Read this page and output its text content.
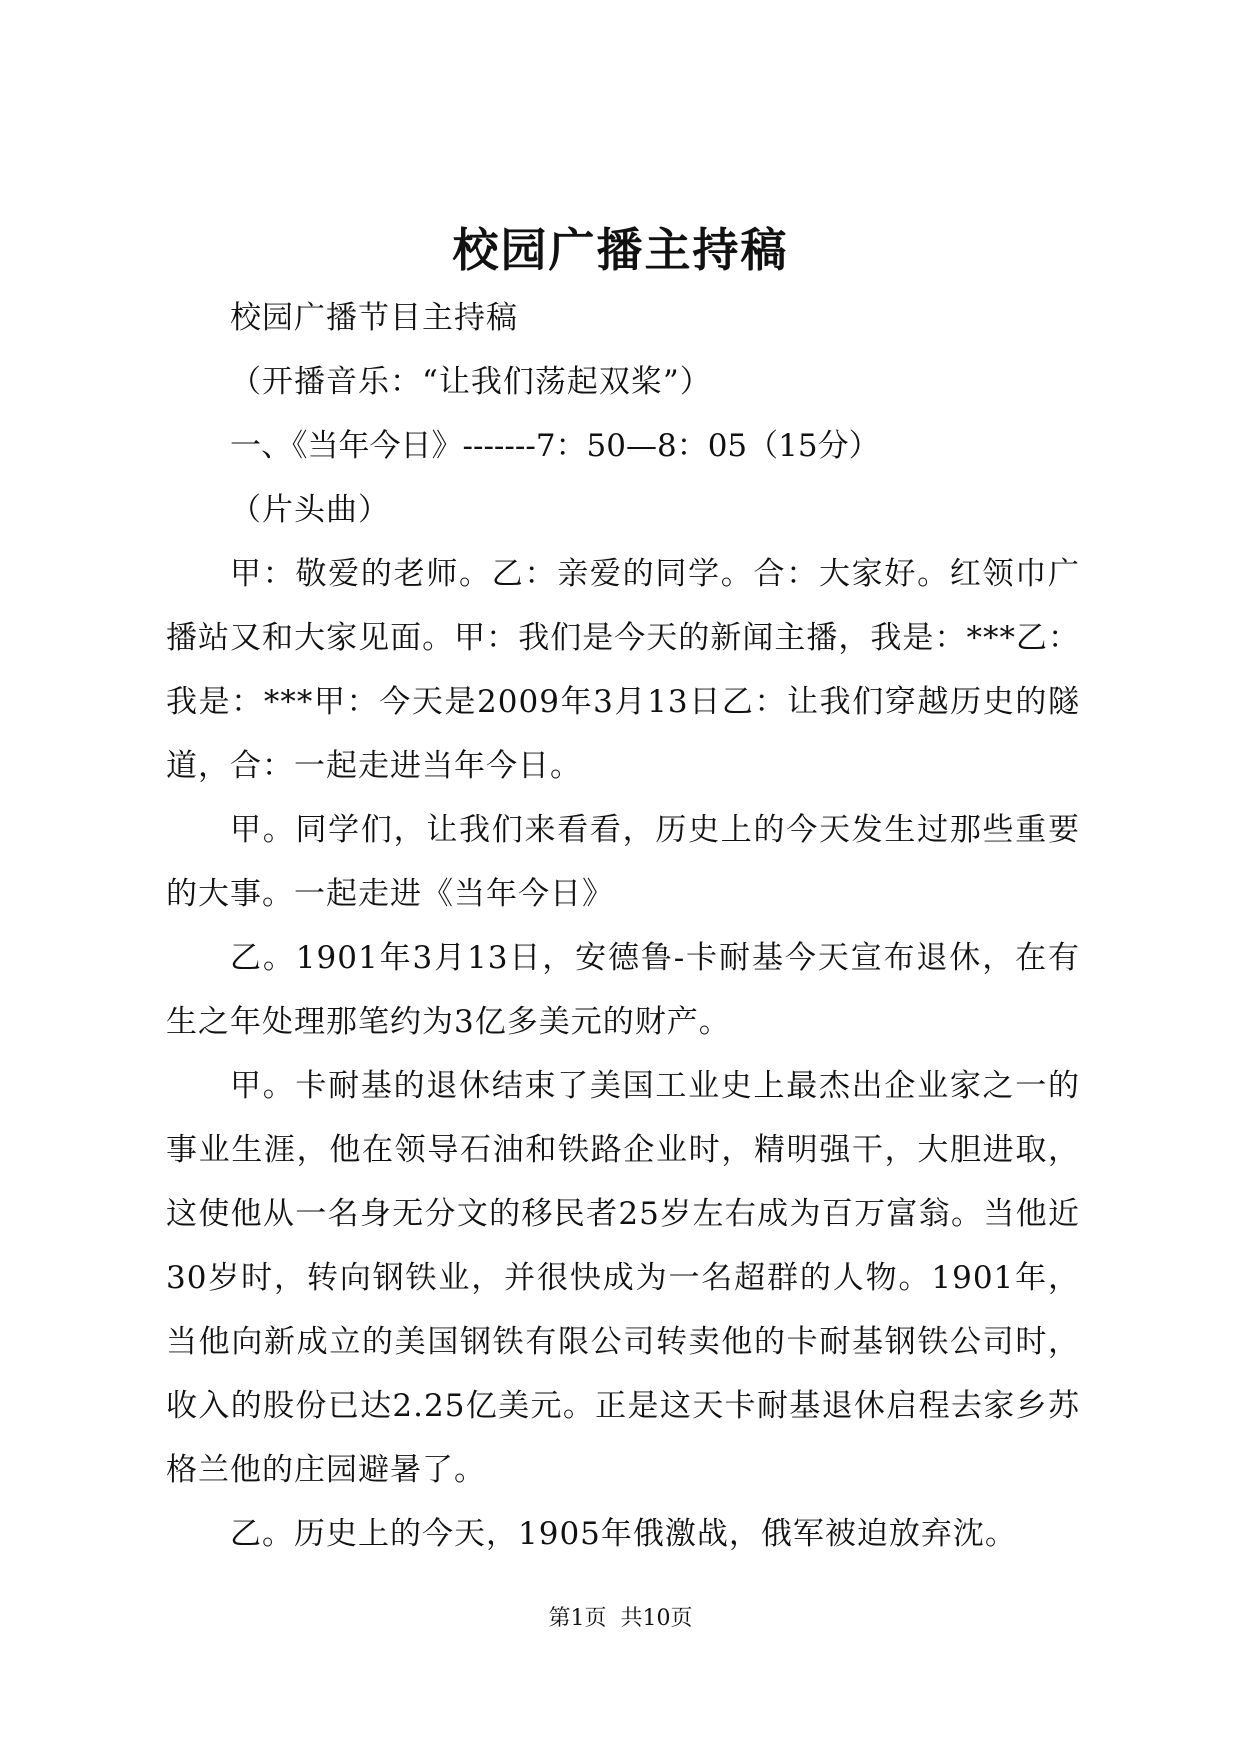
校园广播主持稿

校园广播节目主持稿

（开播音乐：“让我们荡起双桨”）

一、《当年今日》-------7：50—8：05（15分）

（片头曲）

甲：敬爱的老师。乙：亲爱的同学。合：大家好。红领巾广播站又和大家见面。甲：我们是今天的新闻主播，我是：***乙：我是：***甲：今天是2009年3月13日乙：让我们穿越历史的隧道，合：一起走进当年今日。

甲。同学们，让我们来看看，历史上的今天发生过那些重要的大事。一起走进《当年今日》

乙。1901年3月13日，安德鲁-卡耐基今天宣布退休，在有生之年处理那笔约为3亿多美元的财产。

甲。卡耐基的退休结束了美国工业史上最杰出企业家之一的事业生涯，他在领导石油和铁路企业时，精明强干，大胆进取，这使他从一名身无分文的移民者25岁左右成为百万富翁。当他近30岁时，转向钢铁业，并很快成为一名超群的人物。1901年，当他向新成立的美国钢铁有限公司转卖他的卡耐基钢铁公司时，收入的股份已达2.25亿美元。正是这天卡耐基退休启程去家乡苏格兰他的庄园避暑了。

乙。历史上的今天，1905年俄激战，俄军被迫放弃沈。

第1页 共10页
